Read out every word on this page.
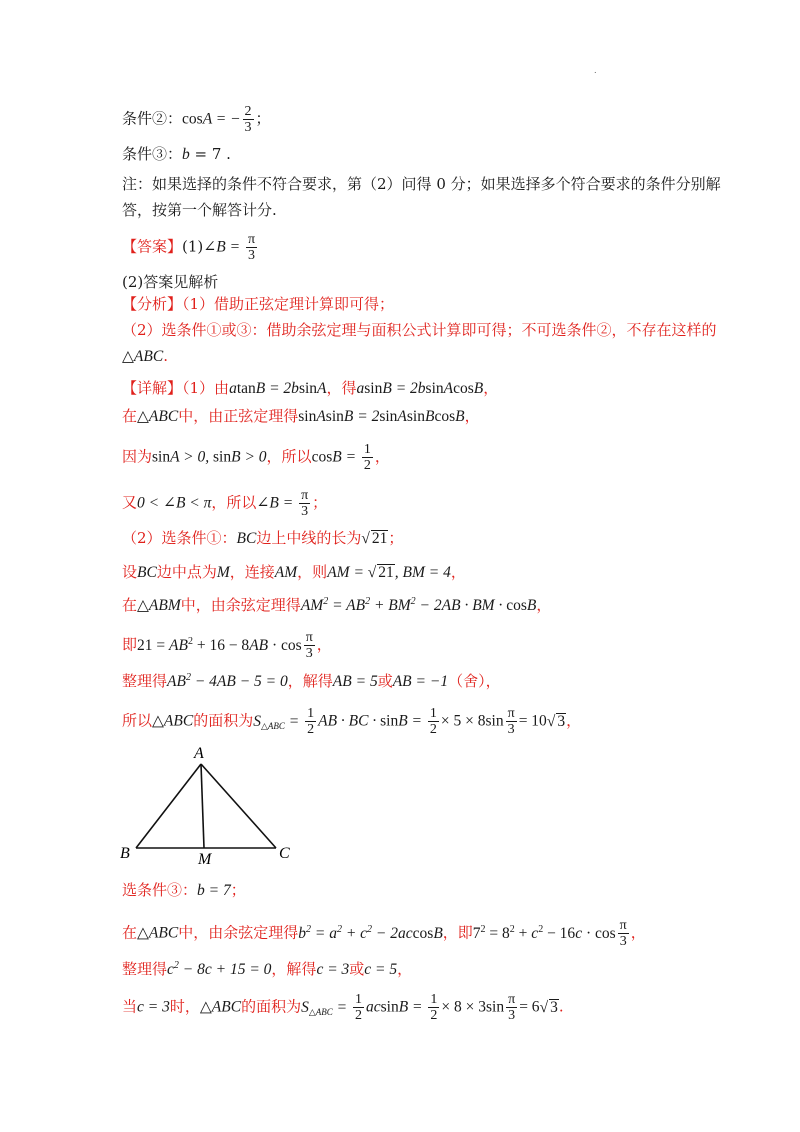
.
条件②：cosA = − $\frac{2}{3}$ ；
条件③：b = 7 .
注：如果选择的条件不符合要求，第（2）问得 0 分；如果选择多个符合要求的条件分别解
答，按第一个解答计分.
【答案】(1)∠B = $\frac{\pi}{3}$
(2)答案见解析
【分析】（1）借助正弦定理计算即可得；
（2）选条件①或③：借助余弦定理与面积公式计算即可得；不可选条件②，不存在这样的
△ABC.
【详解】（1）由atanB = 2bsinA，得asinB = 2bsinAcosB，
在△ABC中，由正弦定理得sinAsinB = 2sinAsinBcosB，
因为sinA > 0, sinB > 0，所以$\cos B = \frac{1}{2}$ ，
又0 < ∠B < π，所以∠B = $\frac{\pi}{3}$ ；
（2）选条件①：BC边上中线的长为√ 21；
设BC边中点为M，连接AM，则AM = √ 21, BM = 4，
在△ABM中，由余弦定理得$AM^2 = AB^2 + BM^2 - 2AB$ · BM · cosB，
即$21 = AB^2 + 16 - 8AB \cdot \cos \frac{\pi}{3}$ ，
整理得$AB^2 - 4AB - 5 = 0$，解得AB = 5或AB = −1（舍），
所以△ABC的面积为$S_{\triangle ABC} = \frac{1}{2}$ AB · BC · $\sin B = \frac{1}{2} \times 5 \times 8\sin \frac{\pi}{3} = 10√$ 3，
A
B	C
M
选条件③：b = 7；
在△ABC中，由余弦定理得$b^2 = a^2 + c^2 - 2accosB$，即$7^2 = 8^2 + c^2 - 16c \cdot \cos \frac{\pi}{3}$ ，
整理得$c^2 - 8c + 15 = 0$，解得c = 3或c = 5，
当c = 3时，△ABC的面积为$S_{\triangle ABC} = \frac{1}{2}$ $acsinB = \frac{1}{2} \times 8 \times 3\sin \frac{\pi}{3} = 6√$ 3.
